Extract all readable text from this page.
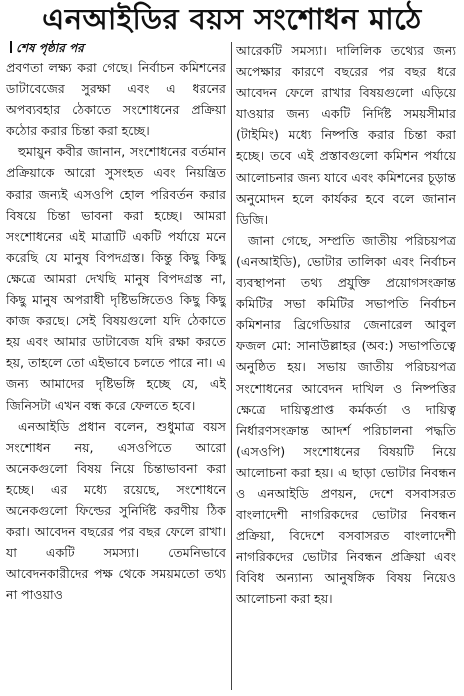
এনআইডির বয়স সংশোধন মাঠে
শেষ পৃষ্ঠার পর

প্রবণতা লক্ষ্য করা গেছে। নির্বাচন কমিশনের ডাটাবেজের সুরক্ষা এবং এ ধরনের অপব্যবহার ঠেকাতে সংশোধনের প্রক্রিয়া কঠোর করার চিন্তা করা হচ্ছে।

হুমায়ুন কবীর জানান, সংশোধনের বর্তমান প্রক্রিয়াকে আরো সুসংহত এবং নিয়ন্ত্রিত করার জন্যই এসওপি হোল পরিবর্তন করার বিষয়ে চিন্তা ভাবনা করা হচ্ছে। আমরা সংশোধনের এই মাত্রাটি একটি পর্যায়ে মনে করেছি যে মানুষ বিপদগ্রস্ত। কিন্তু কিছু কিছু ক্ষেত্রে আমরা দেখছি মানুষ বিপদগ্রস্ত না, কিছু মানুষ অপরাধী দৃষ্টিভঙ্গিতেও কিছু কিছু কাজ করছে। সেই বিষয়গুলো যদি ঠেকাতে হয় এবং আমার ডাটাবেজ যদি রক্ষা করতে হয়, তাহলে তো এইভাবে চলতে পারে না। এ জন্য আমাদের দৃষ্টিভঙ্গি হচ্ছে যে, এই জিনিসটা এখন বন্ধ করে ফেলতে হবে।

এনআইডি প্রধান বলেন, শুধুমাত্র বয়স সংশোধন নয়, এসওপিতে আরো অনেকগুলো বিষয় নিয়ে চিন্তাভাবনা করা হচ্ছে। এর মধ্যে রয়েছে, সংশোধনে অনেকগুলো ফিল্ডের সুনির্দিষ্ট করণীয় ঠিক করা। আবেদন বছরের পর বছর ফেলে রাখা। যা একটি সমস্যা। তেমনিভাবে আবেদনকারীদের পক্ষ থেকে সময়মতো তথ্য না পাওয়াও

আরেকটি সমস্যা। দালিলিক তথ্যের জন্য অপেক্ষার কারণে বছরের পর বছর ধরে আবেদন ফেলে রাখার বিষয়গুলো এড়িয়ে যাওয়ার জন্য একটি নির্দিষ্ট সময়সীমার (টাইমিং) মধ্যে নিষ্পত্তি করার চিন্তা করা হচ্ছে। তবে এই প্রস্তাবগুলো কমিশন পর্যায়ে আলোচনার জন্য যাবে এবং কমিশনের চূড়ান্ত অনুমোদন হলে কার্যকর হবে বলে জানান ডিজি।

জানা গেছে, সম্প্রতি জাতীয় পরিচয়পত্র (এনআইডি), ভোটার তালিকা এবং নির্বাচন ব্যবস্থাপনা তথ্য প্রযুক্তি প্রয়োগসংক্রান্ত কমিটির সভা কমিটির সভাপতি নির্বাচন কমিশনার ব্রিগেডিয়ার জেনারেল আবুল ফজল মো: সানাউল্লাহর (অব:) সভাপতিত্বে অনুষ্ঠিত হয়। সভায় জাতীয় পরিচয়পত্র সংশোধনের আবেদন দাখিল ও নিষ্পত্তির ক্ষেত্রে দায়িত্বপ্রাপ্ত কর্মকর্তা ও দায়িত্ব নির্ধারণসংক্রান্ত আদর্শ পরিচালনা পদ্ধতি (এসওপি) সংশোধনের বিষয়টি নিয়ে আলোচনা করা হয়। এ ছাড়া ভোটার নিবন্ধন ও এনআইডি প্রণয়ন, দেশে বসবাসরত বাংলাদেশী নাগরিকদের ভোটার নিবন্ধন প্রক্রিয়া, বিদেশে বসবাসরত বাংলাদেশী নাগরিকদের ভোটার নিবন্ধন প্রক্রিয়া এবং বিবিধ অন্যান্য আনুষঙ্গিক বিষয় নিয়েও আলোচনা করা হয়।
